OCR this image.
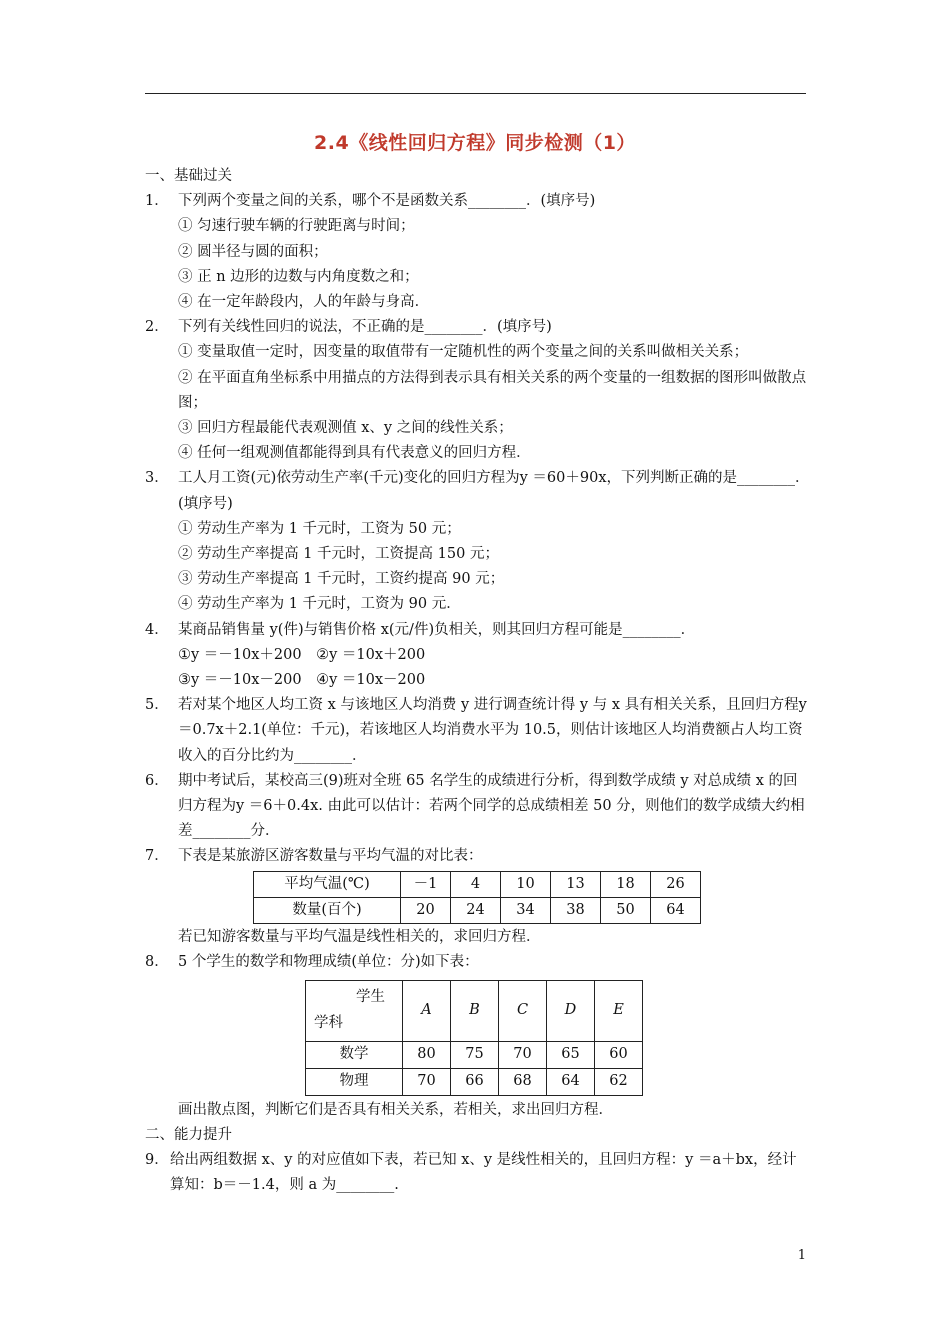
2.4《线性回归方程》同步检测（1）
一、基础过关
1． 下列两个变量之间的关系，哪个不是函数关系________．(填序号)
① 匀速行驶车辆的行驶距离与时间；
② 圆半径与圆的面积；
③ 正 n 边形的边数与内角度数之和；
④ 在一定年龄段内，人的年龄与身高．
2． 下列有关线性回归的说法，不正确的是________．(填序号)
① 变量取值一定时，因变量的取值带有一定随机性的两个变量之间的关系叫做相关关系；
② 在平面直角坐标系中用描点的方法得到表示具有相关关系的两个变量的一组数据的图形叫做散点图；
③ 回归方程最能代表观测值 x、y 之间的线性关系；
④ 任何一组观测值都能得到具有代表意义的回归方程．
3． 工人月工资(元)依劳动生产率(千元)变化的回归方程为y ＝60＋90x，下列判断正确的是________．(填序号)
① 劳动生产率为 1 千元时，工资为 50 元；
② 劳动生产率提高 1 千元时，工资提高 150 元；
③ 劳动生产率提高 1 千元时，工资约提高 90 元；
④ 劳动生产率为 1 千元时，工资为 90 元．
4． 某商品销售量 y(件)与销售价格 x(元/件)负相关，则其回归方程可能是________．
①y ＝－10x＋200　②y ＝10x＋200
③y ＝－10x－200　④y ＝10x－200
5． 若对某个地区人均工资 x 与该地区人均消费 y 进行调查统计得 y 与 x 具有相关关系，且回归方程y ＝0.7x＋2.1(单位：千元)，若该地区人均消费水平为 10.5，则估计该地区人均消费额占人均工资收入的百分比约为________．
6． 期中考试后，某校高三(9)班对全班 65 名学生的成绩进行分析，得到数学成绩 y 对总成绩 x 的回归方程为y ＝6＋0.4x. 由此可以估计：若两个同学的总成绩相差 50 分，则他们的数学成绩大约相差________分．
7． 下表是某旅游区游客数量与平均气温的对比表：
平均气温(℃)	－1	4	10	13	18	26
数量(百个)	20	24	34	38	50	64
若已知游客数量与平均气温是线性相关的，求回归方程．
8． 5 个学生的数学和物理成绩(单位：分)如下表：
学生
学科	A	B	C	D	E
数学	80	75	70	65	60
物理	70	66	68	64	62
画出散点图，判断它们是否具有相关关系，若相关，求出回归方程．
二、能力提升
9． 给出两组数据 x、y 的对应值如下表，若已知 x、y 是线性相关的，且回归方程：y ＝a＋bx，经计算知：b＝－1.4，则 a 为________.
1
